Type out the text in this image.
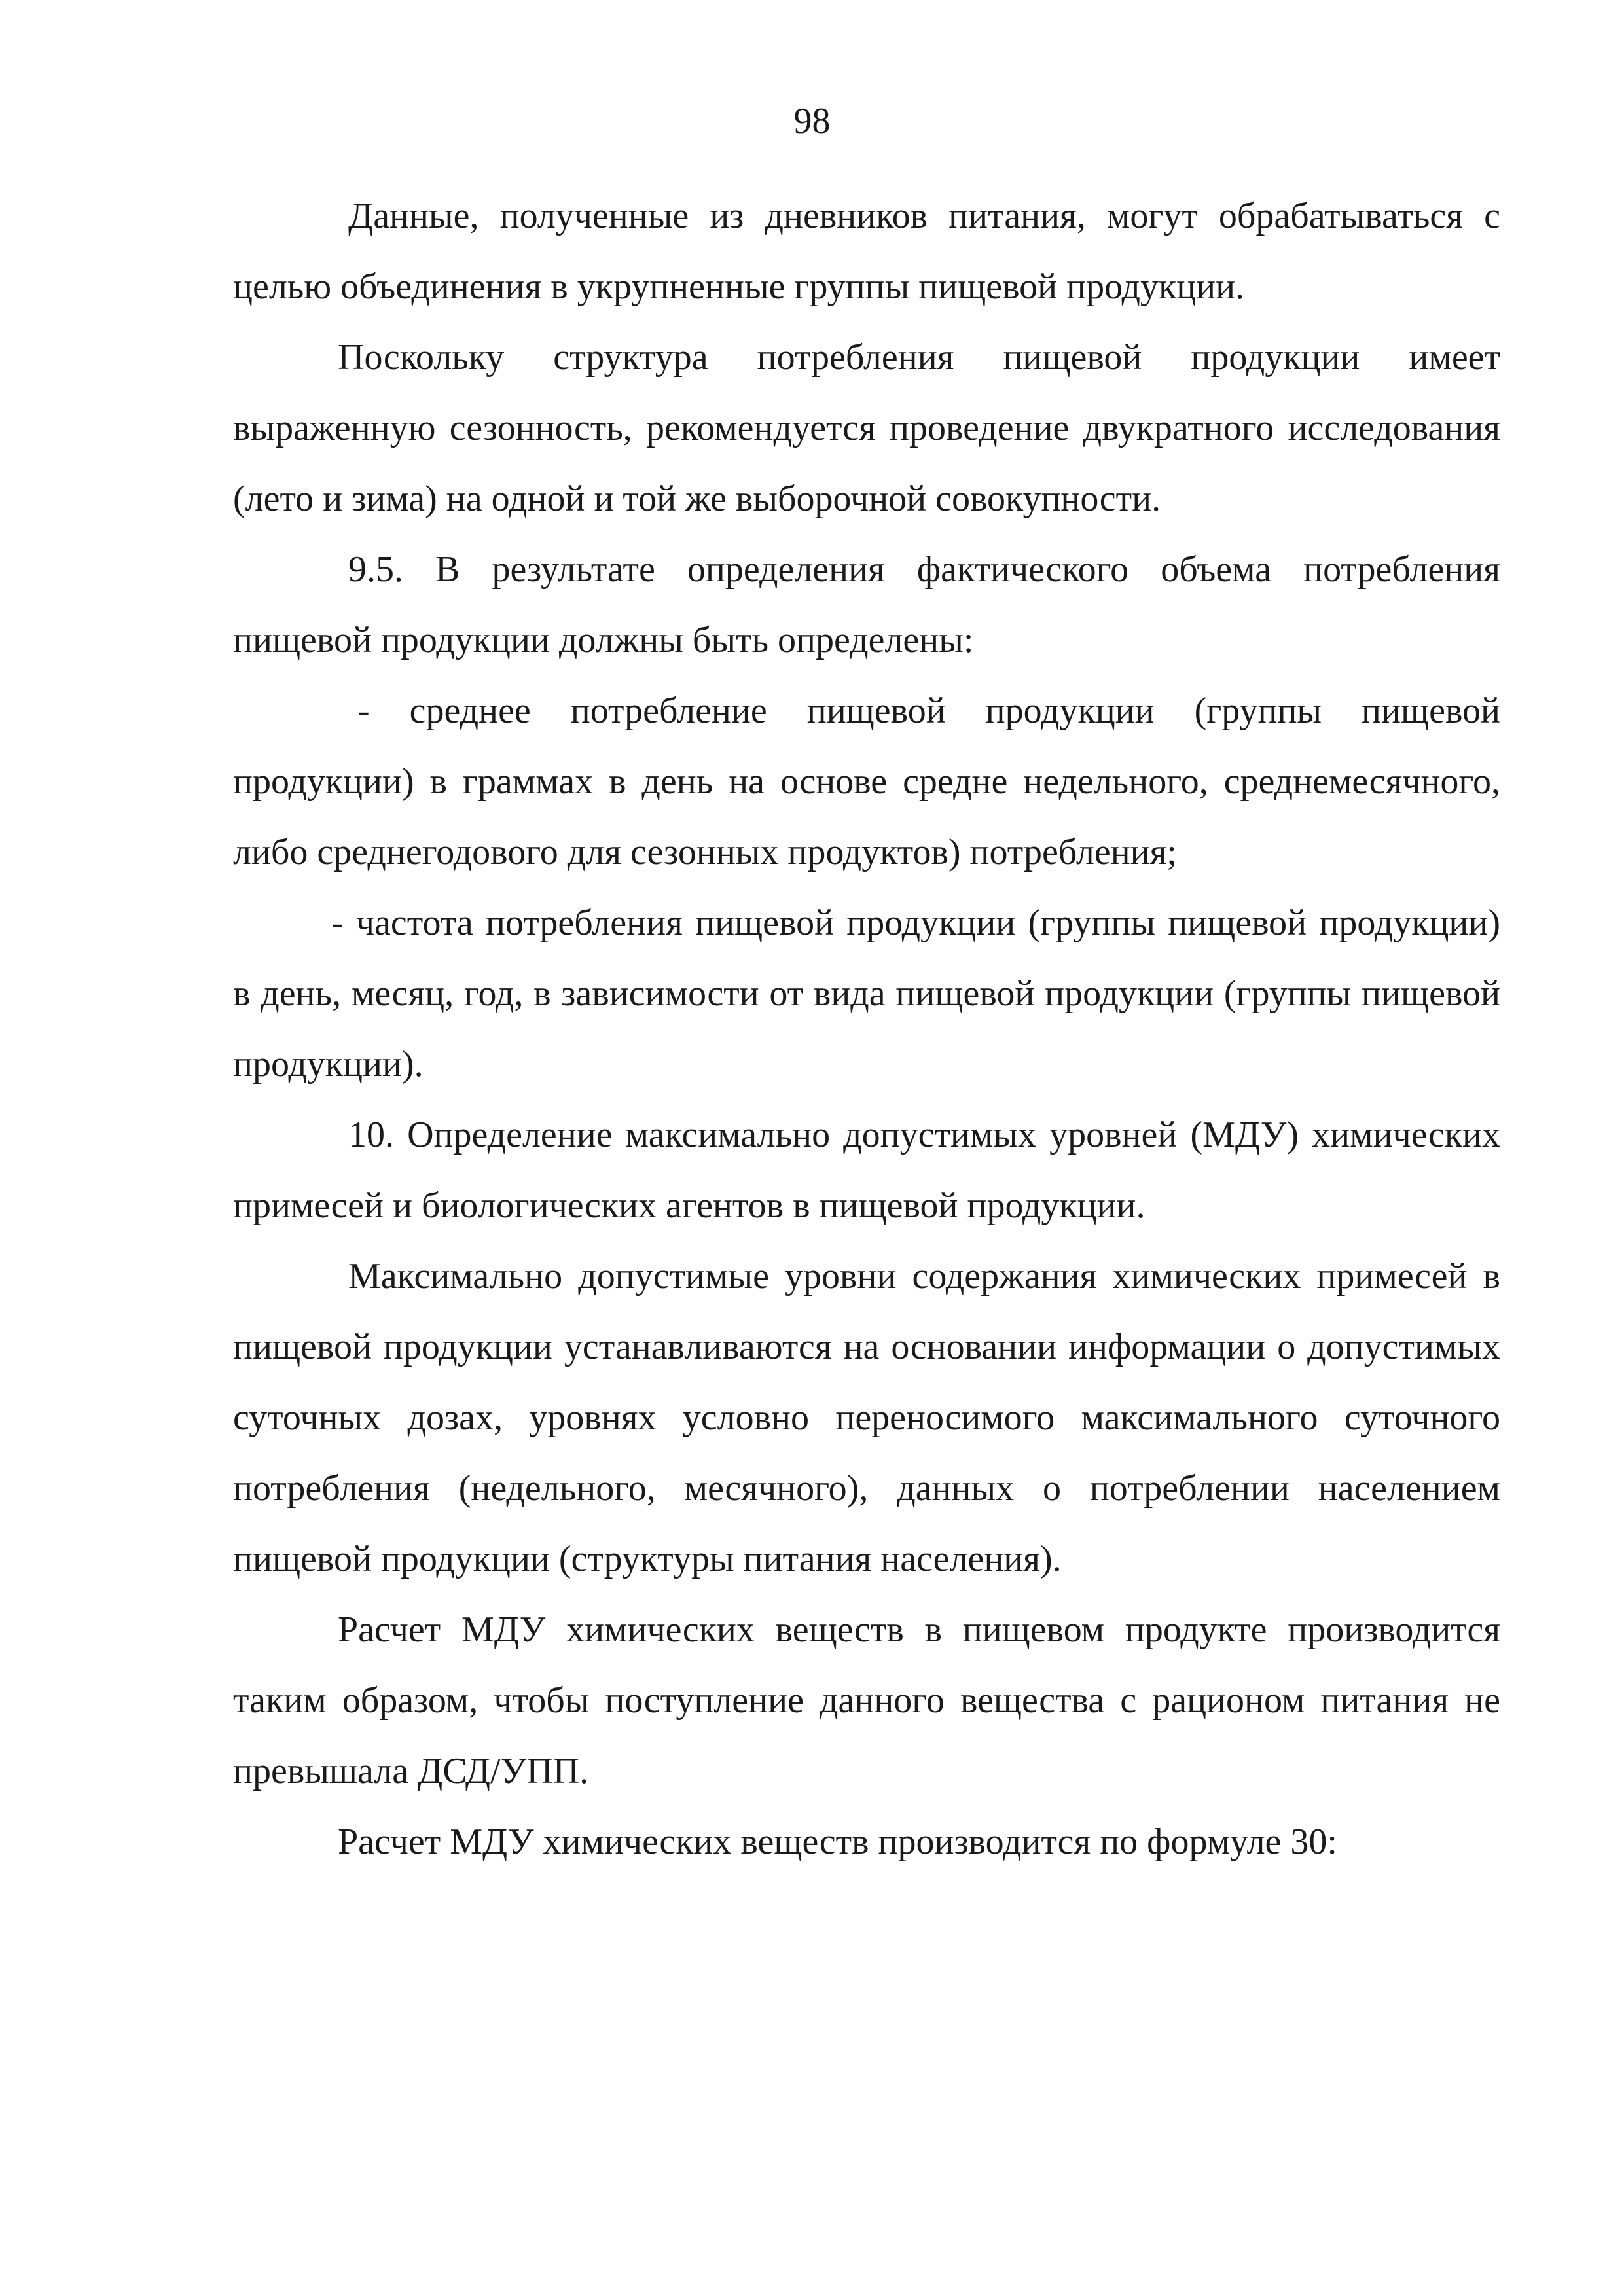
98

Данные, полученные из дневников питания, могут обрабатываться с целью объединения в укрупненные группы пищевой продукции.

Поскольку структура потребления пищевой продукции имеет выраженную сезонность, рекомендуется проведение двукратного исследования (лето и зима) на одной и той же выборочной совокупности.

9.5. В результате определения фактического объема потребления пищевой продукции должны быть определены:

- среднее потребление пищевой продукции (группы пищевой продукции) в граммах в день на основе средне недельного, среднемесячного, либо среднегодового для сезонных продуктов) потребления;

- частота потребления пищевой продукции (группы пищевой продукции) в день, месяц, год, в зависимости от вида пищевой продукции (группы пищевой продукции).

10. Определение максимально допустимых уровней (МДУ) химических примесей и биологических агентов в пищевой продукции.

Максимально допустимые уровни содержания химических примесей в пищевой продукции устанавливаются на основании информации о допустимых суточных дозах, уровнях условно переносимого максимального суточного потребления (недельного, месячного), данных о потреблении населением пищевой продукции (структуры питания населения).

Расчет МДУ химических веществ в пищевом продукте производится таким образом, чтобы поступление данного вещества с рационом питания не превышала ДСД/УПП.

Расчет МДУ химических веществ производится по формуле 30:
